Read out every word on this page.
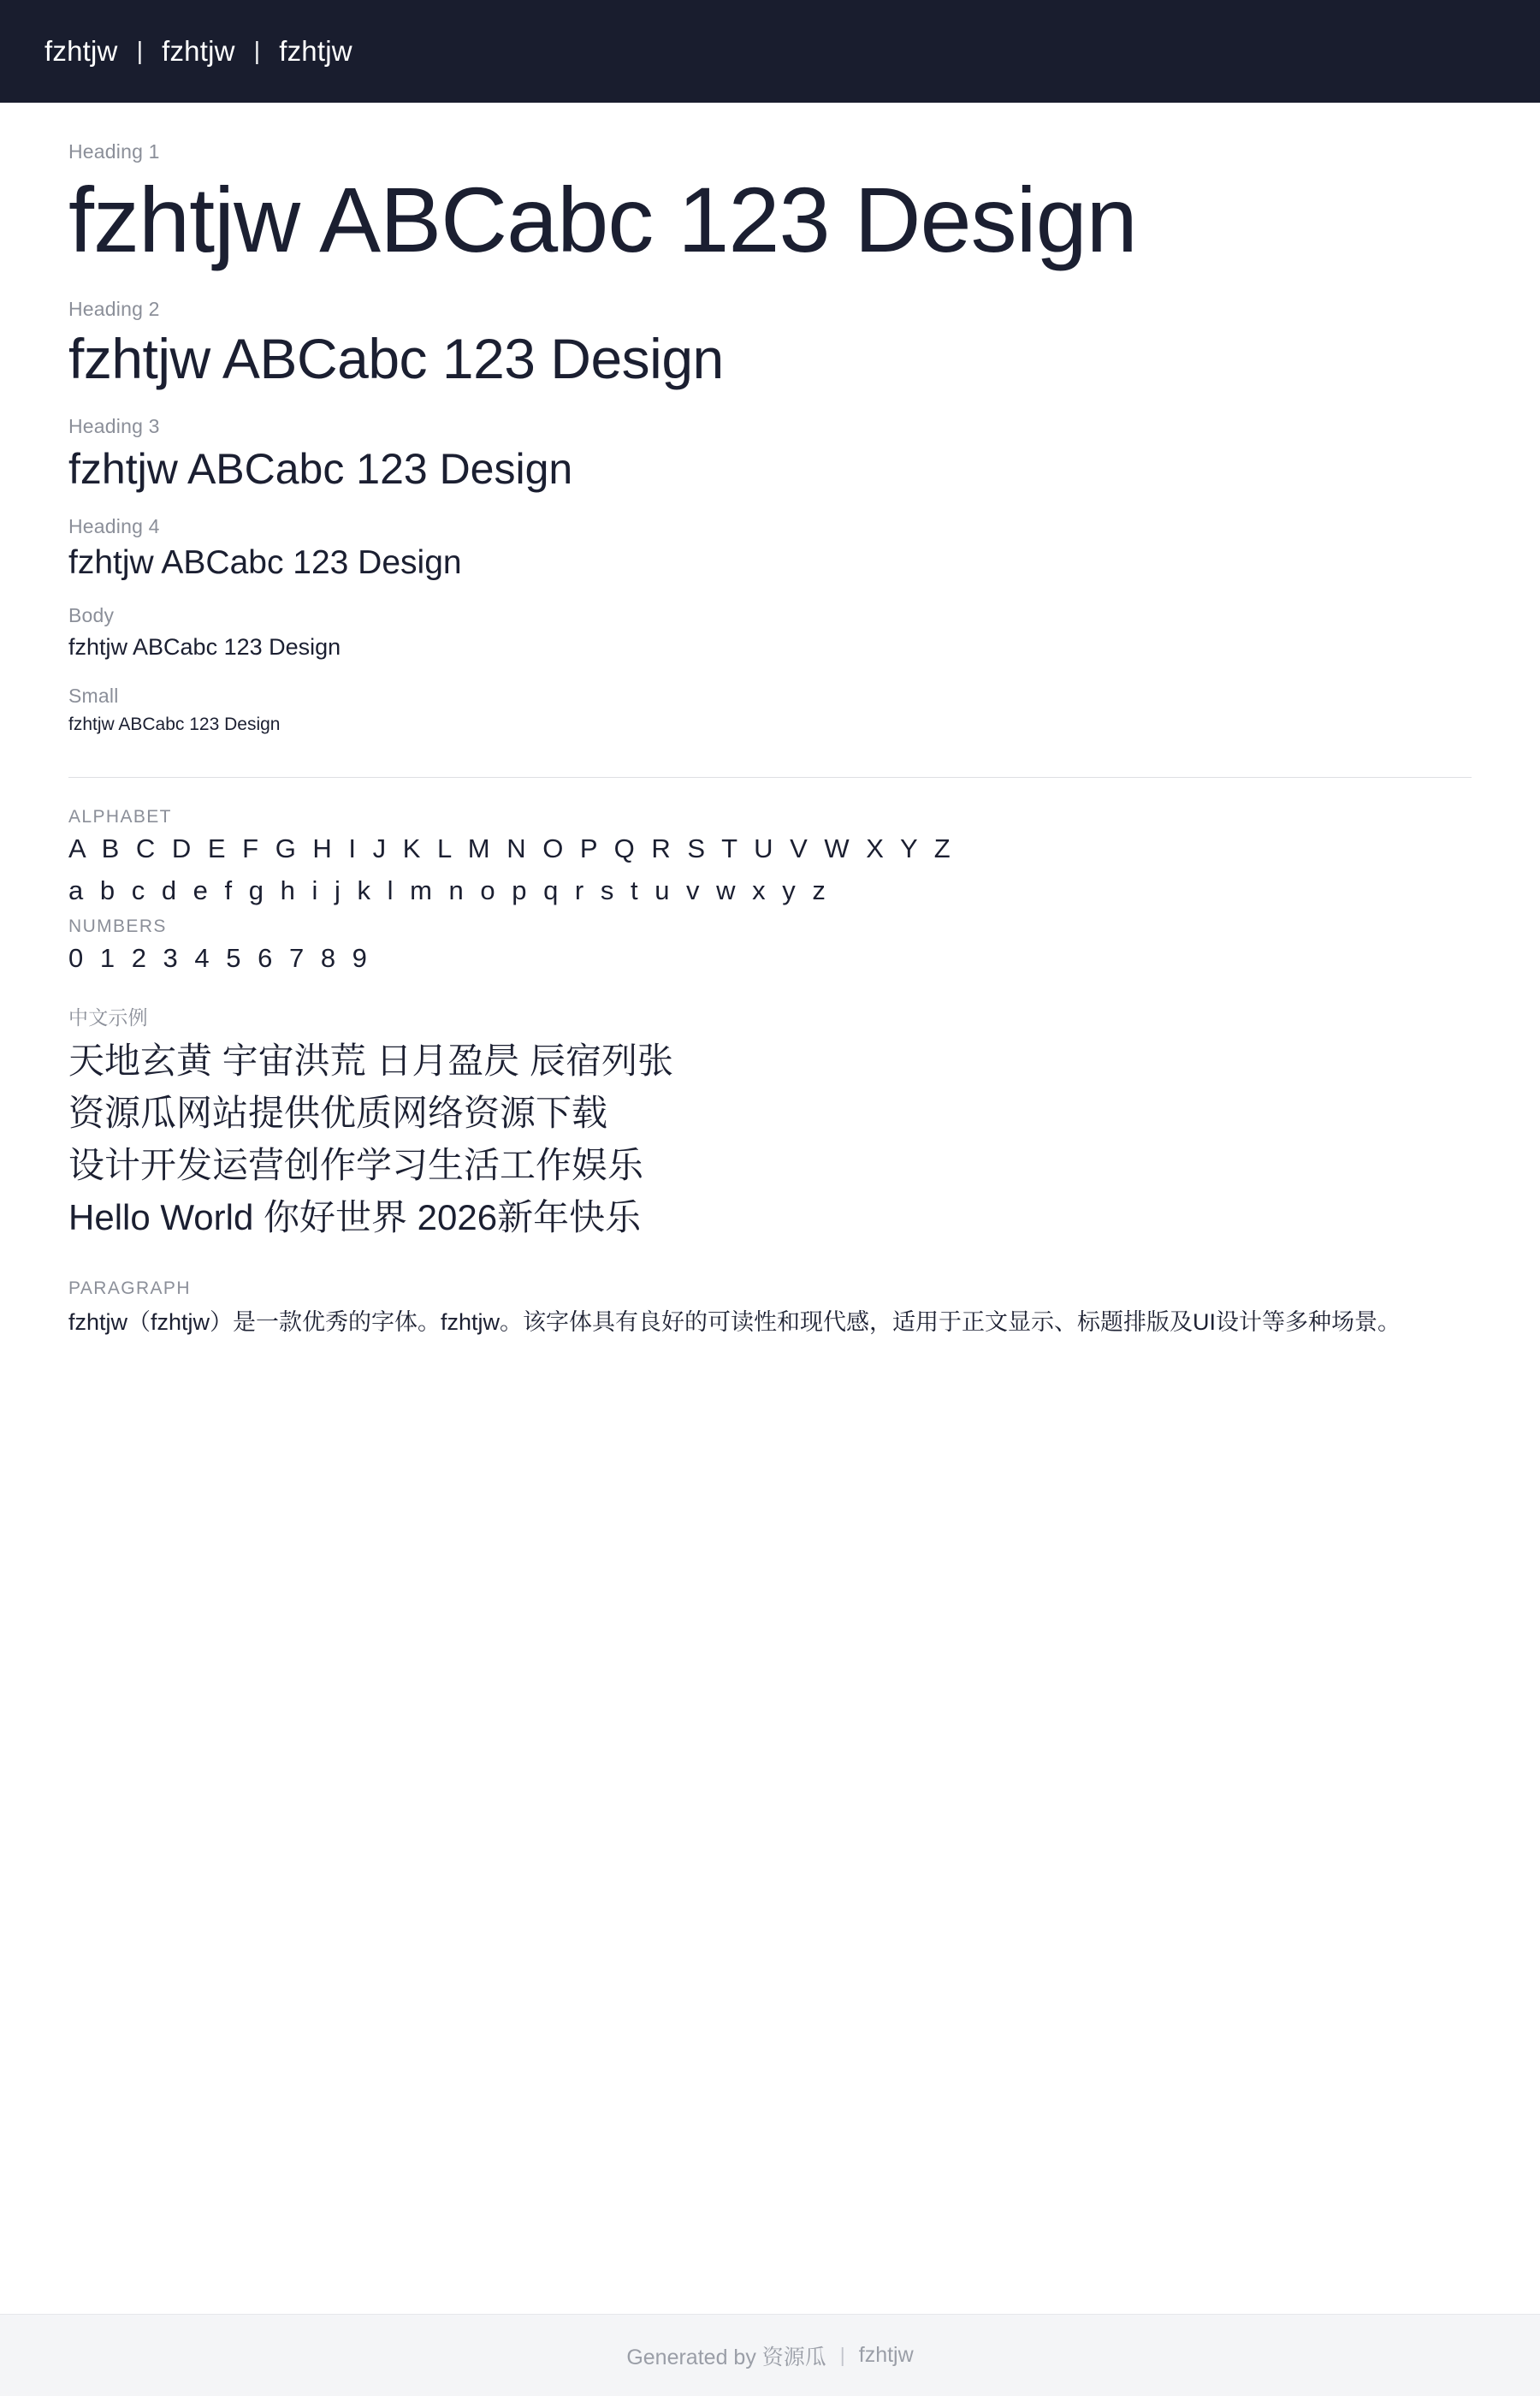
fzhtjw | fzhtjw | fzhtjw
Heading 1
fzhtjw ABCabc 123 Design
Heading 2
fzhtjw ABCabc 123 Design
Heading 3
fzhtjw ABCabc 123 Design
Heading 4
fzhtjw ABCabc 123 Design
Body
fzhtjw ABCabc 123 Design
Small
fzhtjw ABCabc 123 Design
ALPHABET
A B C D E F G H I J K L M N O P Q R S T U V W X Y Z
a b c d e f g h i j k l m n o p q r s t u v w x y z
NUMBERS
0 1 2 3 4 5 6 7 8 9
中文示例
天地玄黄 宇宙洪荒 日月盈昃 辰宿列张
资源瓜网站提供优质网络资源下载
设计开发运营创作学习生活工作娱乐
Hello World 你好世界 2026新年快乐
PARAGRAPH
fzhtjw（fzhtjw）是一款优秀的字体。fzhtjw。该字体具有良好的可读性和现代感，适用于正文显示、标题排版及UI设计等多种场景。
Generated by 资源瓜 | fzhtjw
